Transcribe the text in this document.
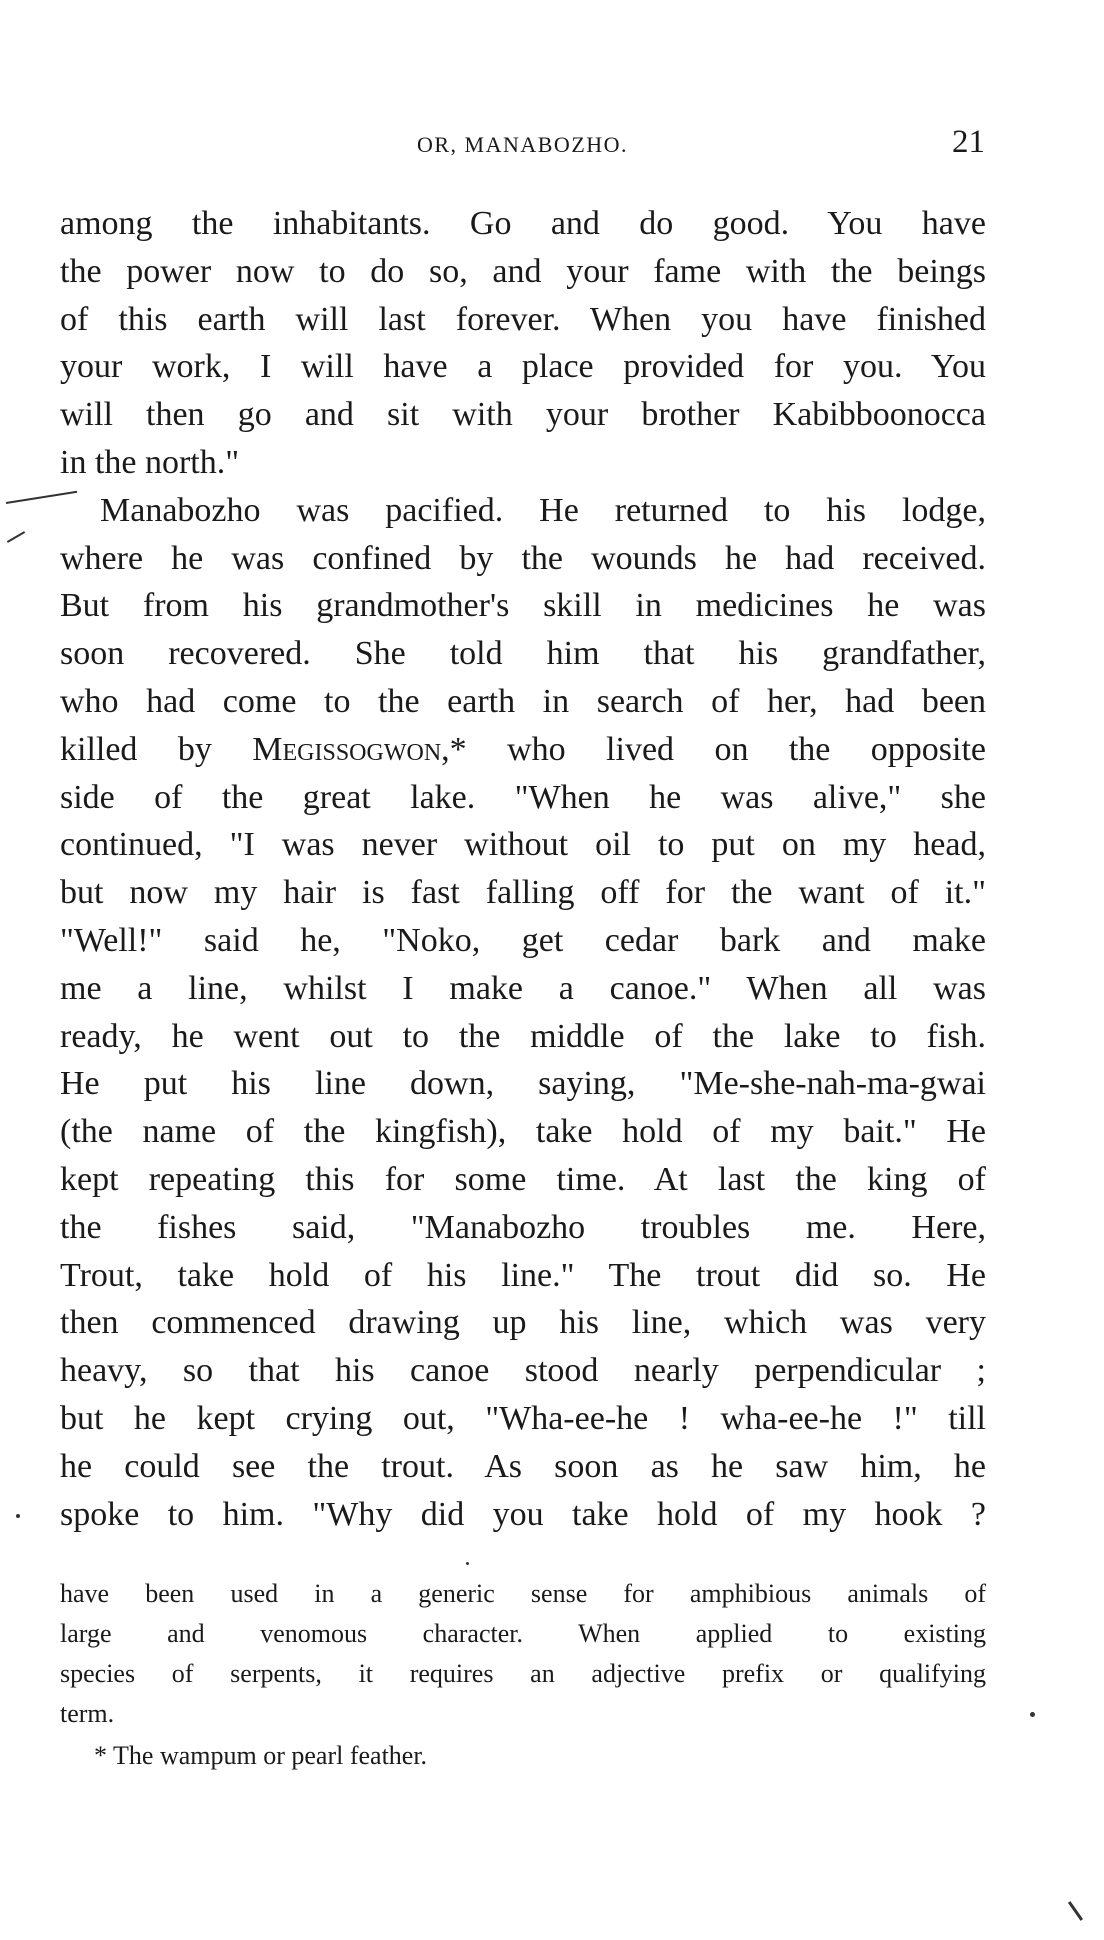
OR, MANABOZHO.	21
among the inhabitants. Go and do good. You have
the power now to do so, and your fame with the beings
of this earth will last forever. When you have finished
your work, I will have a place provided for you. You
will then go and sit with your brother Kabibboonocca
in the north."
Manabozho was pacified. He returned to his lodge,
where he was confined by the wounds he had received.
But from his grandmother's skill in medicines he was
soon recovered. She told him that his grandfather,
who had come to the earth in search of her, had been
killed by Megissogwon,* who lived on the opposite
side of the great lake. "When he was alive," she
continued, "I was never without oil to put on my head,
but now my hair is fast falling off for the want of it."
"Well!" said he, "Noko, get cedar bark and make
me a line, whilst I make a canoe." When all was
ready, he went out to the middle of the lake to fish.
He put his line down, saying, "Me-she-nah-ma-gwai
(the name of the kingfish), take hold of my bait." He
kept repeating this for some time. At last the king of
the fishes said, "Manabozho troubles me. Here,
Trout, take hold of his line." The trout did so. He
then commenced drawing up his line, which was very
heavy, so that his canoe stood nearly perpendicular ;
but he kept crying out, "Wha-ee-he ! wha-ee-he !" till
he could see the trout. As soon as he saw him, he
spoke to him. "Why did you take hold of my hook ?
have been used in a generic sense for amphibious animals of
large and venomous character. When applied to existing
species of serpents, it requires an adjective prefix or qualifying
term.
* The wampum or pearl feather.
